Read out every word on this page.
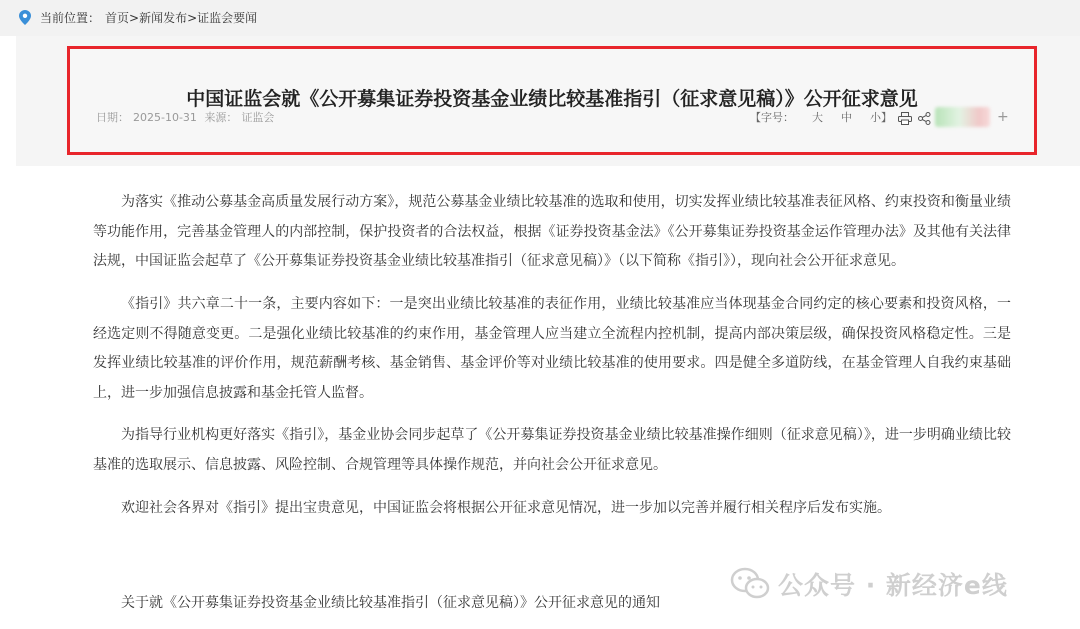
当前位置： 首页>新闻发布>证监会要闻
中国证监会就《公开募集证券投资基金业绩比较基准指引（征求意见稿）》公开征求意见
日期： 2025-10-31 来源： 证监会	【字号： 大 中 小】	+

为落实《推动公募基金高质量发展行动方案》，规范公募基金业绩比较基准的选取和使用，切实发挥业绩比较基准表征风格、约束投资和衡量业绩等功能作用，完善基金管理人的内部控制，保护投资者的合法权益，根据《证券投资基金法》《公开募集证券投资基金运作管理办法》及其他有关法律法规，中国证监会起草了《公开募集证券投资基金业绩比较基准指引（征求意见稿）》（以下简称《指引》），现向社会公开征求意见。

《指引》共六章二十一条，主要内容如下：一是突出业绩比较基准的表征作用，业绩比较基准应当体现基金合同约定的核心要素和投资风格，一经选定则不得随意变更。二是强化业绩比较基准的约束作用，基金管理人应当建立全流程内控机制，提高内部决策层级，确保投资风格稳定性。三是发挥业绩比较基准的评价作用，规范薪酬考核、基金销售、基金评价等对业绩比较基准的使用要求。四是健全多道防线，在基金管理人自我约束基础上，进一步加强信息披露和基金托管人监督。

为指导行业机构更好落实《指引》，基金业协会同步起草了《公开募集证券投资基金业绩比较基准操作细则（征求意见稿）》，进一步明确业绩比较基准的选取展示、信息披露、风险控制、合规管理等具体操作规范，并向社会公开征求意见。

欢迎社会各界对《指引》提出宝贵意见，中国证监会将根据公开征求意见情况，进一步加以完善并履行相关程序后发布实施。

公众号 · 新经济e线
关于就《公开募集证券投资基金业绩比较基准指引（征求意见稿）》公开征求意见的通知
